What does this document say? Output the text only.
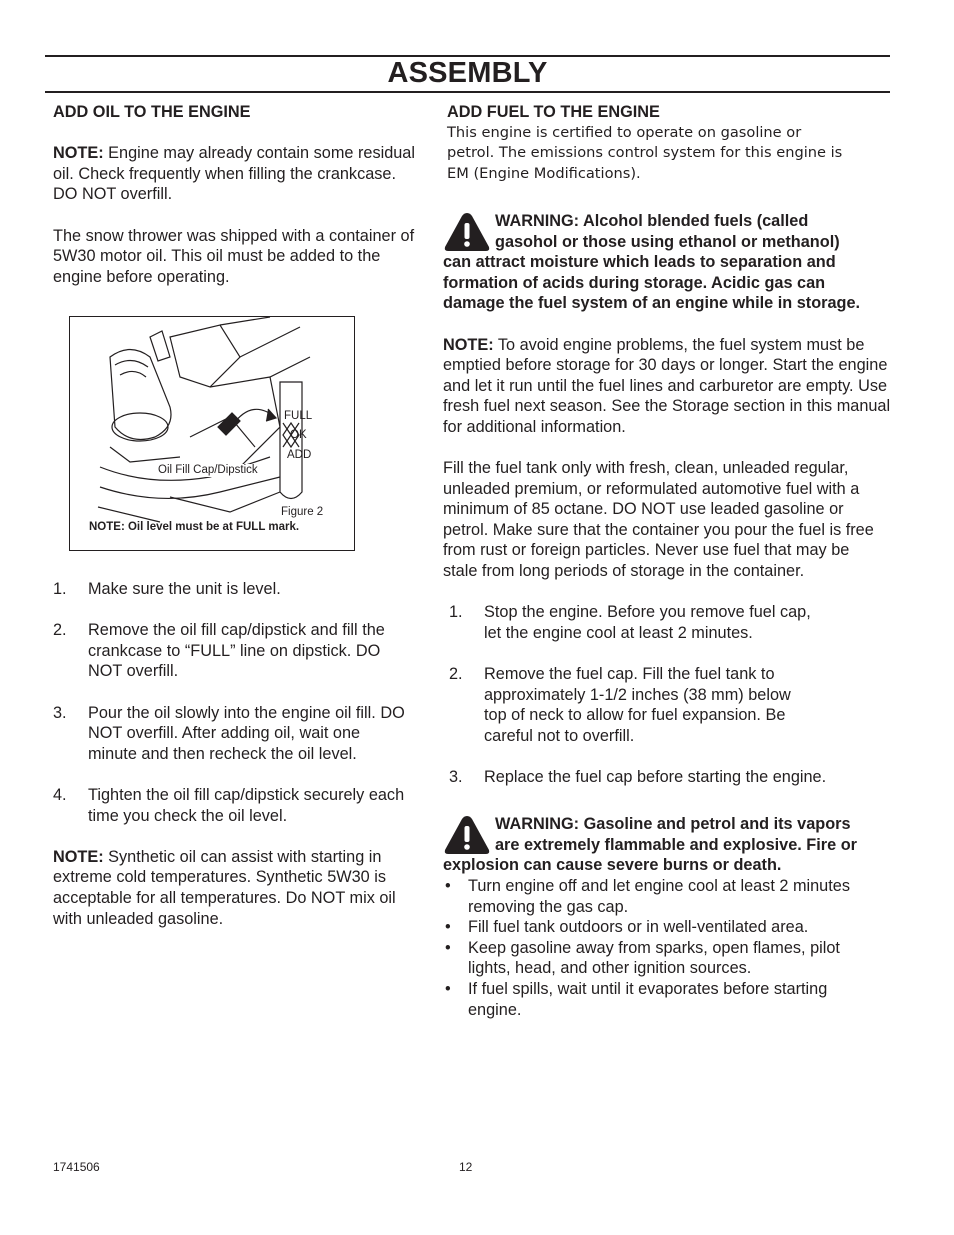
ASSEMBLY

ADD OIL TO THE ENGINE

NOTE: Engine may already contain some residual oil. Check frequently when filling the crankcase. DO NOT overfill.

The snow thrower was shipped with a container of 5W30 motor oil. This oil must be added to the engine before operating.

FULL
OK
ADD
Oil Fill Cap/Dipstick
Figure 2
NOTE: Oil level must be at FULL mark.
1. Make sure the unit is level.
2. Remove the oil fill cap/dipstick and fill the crankcase to “FULL” line on dipstick. DO NOT overfill.
3. Pour the oil slowly into the engine oil fill. DO NOT overfill. After adding oil, wait one minute and then recheck the oil level.
4. Tighten the oil fill cap/dipstick securely each time you check the oil level.

NOTE: Synthetic oil can assist with starting in extreme cold temperatures. Synthetic 5W30 is acceptable for all temperatures. Do NOT mix oil with unleaded gasoline.

ADD FUEL TO THE ENGINE

This engine is certified to operate on gasoline or

petrol. The emissions control system for this engine is

EM (Engine Modifications).

WARNING: Alcohol blended fuels (called

gasohol or those using ethanol or methanol)

can attract moisture which leads to separation and formation of acids during storage. Acidic gas can damage the fuel system of an engine while in storage.

NOTE: To avoid engine problems, the fuel system must be emptied before storage for 30 days or longer. Start the engine and let it run until the fuel lines and carburetor are empty. Use fresh fuel next season. See the Storage section in this manual for additional information.

Fill the fuel tank only with fresh, clean, unleaded regular, unleaded premium, or reformulated automotive fuel with a minimum of 85 octane. DO NOT use leaded gasoline or petrol. Make sure that the container you pour the fuel is free from rust or foreign particles. Never use fuel that may be stale from long periods of storage in the container.

1. Stop the engine. Before you remove fuel cap, let the engine cool at least 2 minutes.
2. Remove the fuel cap. Fill the fuel tank to approximately 1-1/2 inches (38 mm) below top of neck to allow for fuel expansion. Be careful not to overfill.
3. Replace the fuel cap before starting the engine.

WARNING: Gasoline and petrol and its vapors

are extremely flammable and explosive. Fire or

explosion can cause severe burns or death.

• Turn engine off and let engine cool at least 2 minutes removing the gas cap.
• Fill fuel tank outdoors or in well-ventilated area.
• Keep gasoline away from sparks, open flames, pilot lights, head, and other ignition sources.
• If fuel spills, wait until it evaporates before starting engine.
1741506	12
